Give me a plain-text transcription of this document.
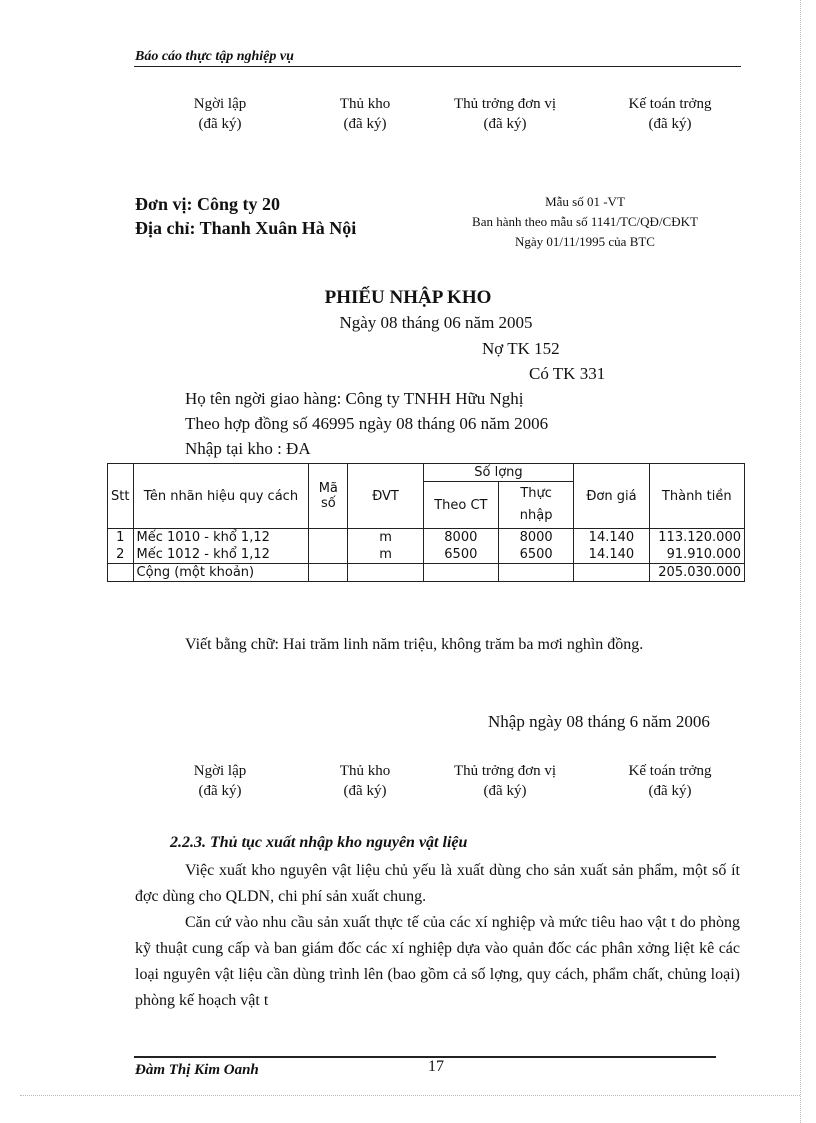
Báo cáo thực tập nghiệp vụ
Ngời lập
(đã ký)
Thủ kho
(đã ký)
Thủ trởng đơn vị
(đã ký)
Kế toán trởng
(đã ký)
Đơn vị: Công ty 20
Địa chỉ: Thanh Xuân Hà Nội
Mẫu số 01 -VT
Ban hành theo mẫu số 1141/TC/QĐ/CĐKT
Ngày 01/11/1995 của BTC
PHIẾU NHẬP KHO
Ngày 08 tháng 06 năm 2005
Nợ TK 152
Có TK 331
Họ tên ngời giao hàng: Công ty TNHH Hữu Nghị
Theo hợp đồng số 46995 ngày 08 tháng 06 năm 2006
Nhập tại kho : ĐA
Stt	Tên nhãn hiệu quy cách	Mã số	ĐVT	Số lợng		Đơn giá	Thành tiền
				Theo CT	Thực nhập		
1	Mếc 1010 - khổ 1,12		m	8000	8000	14.140	113.120.000
2	Mếc 1012 - khổ 1,12		m	6500	6500	14.140	91.910.000
	Cộng (một khoản)						205.030.000
Viết bằng chữ: Hai trăm linh năm triệu, không trăm ba mơi nghìn đồng.
Nhập ngày 08 tháng 6 năm 2006
Ngời lập
(đã ký)
Thủ kho
(đã ký)
Thủ trởng đơn vị
(đã ký)
Kế toán trởng
(đã ký)
2.2.3. Thủ tục xuất nhập kho nguyên vật liệu
Việc xuất kho nguyên vật liệu chủ yếu là xuất dùng cho sản xuất sản phẩm, một số ít đợc dùng cho QLDN, chi phí sản xuất chung.
Căn cứ vào nhu cầu sản xuất thực tế của các xí nghiệp và mức tiêu hao vật t do phòng kỹ thuật cung cấp và ban giám đốc các xí nghiệp dựa vào quản đốc các phân xởng liệt kê các loại nguyên vật liệu cần dùng trình lên (bao gồm cả số lợng, quy cách, phẩm chất, chủng loại) phòng kế hoạch vật t
Đàm Thị Kim Oanh	17
